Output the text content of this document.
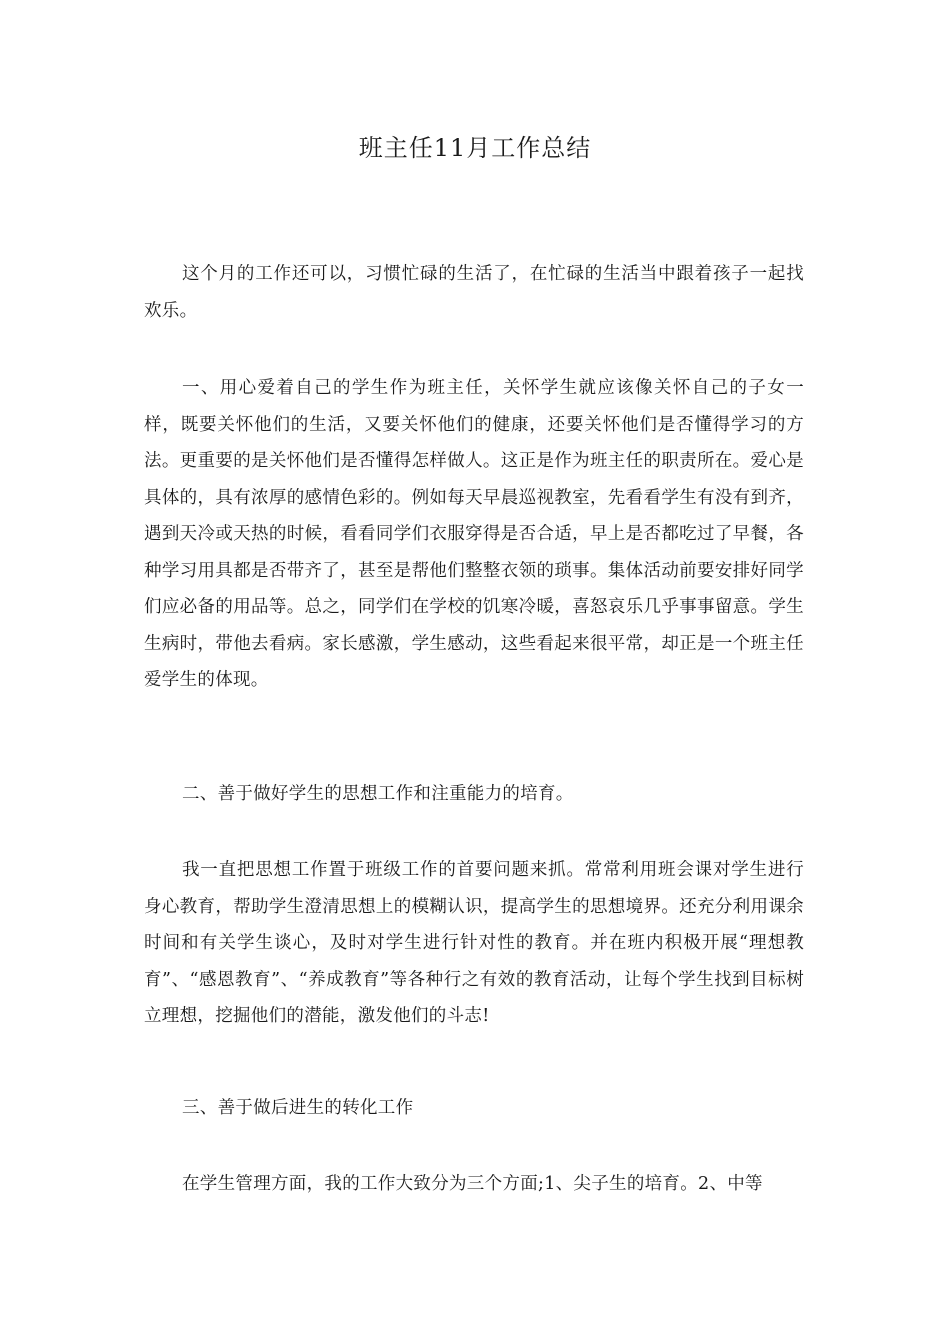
班主任11月工作总结

这个月的工作还可以，习惯忙碌的生活了，在忙碌的生活当中跟着孩子一起找欢乐。

一、用心爱着自己的学生作为班主任，关怀学生就应该像关怀自己的子女一样，既要关怀他们的生活，又要关怀他们的健康，还要关怀他们是否懂得学习的方法。更重要的是关怀他们是否懂得怎样做人。这正是作为班主任的职责所在。爱心是具体的，具有浓厚的感情色彩的。例如每天早晨巡视教室，先看看学生有没有到齐，遇到天冷或天热的时候，看看同学们衣服穿得是否合适，早上是否都吃过了早餐，各种学习用具都是否带齐了，甚至是帮他们整整衣领的琐事。集体活动前要安排好同学们应必备的用品等。总之，同学们在学校的饥寒冷暖，喜怒哀乐几乎事事留意。学生生病时，带他去看病。家长感激，学生感动，这些看起来很平常，却正是一个班主任爱学生的体现。

二、善于做好学生的思想工作和注重能力的培育。

我一直把思想工作置于班级工作的首要问题来抓。常常利用班会课对学生进行身心教育，帮助学生澄清思想上的模糊认识，提高学生的思想境界。还充分利用课余时间和有关学生谈心，及时对学生进行针对性的教育。并在班内积极开展“理想教育”、“感恩教育”、“养成教育”等各种行之有效的教育活动，让每个学生找到目标树立理想，挖掘他们的潜能，激发他们的斗志!

三、善于做后进生的转化工作

在学生管理方面，我的工作大致分为三个方面;1、尖子生的培育。2、中等
